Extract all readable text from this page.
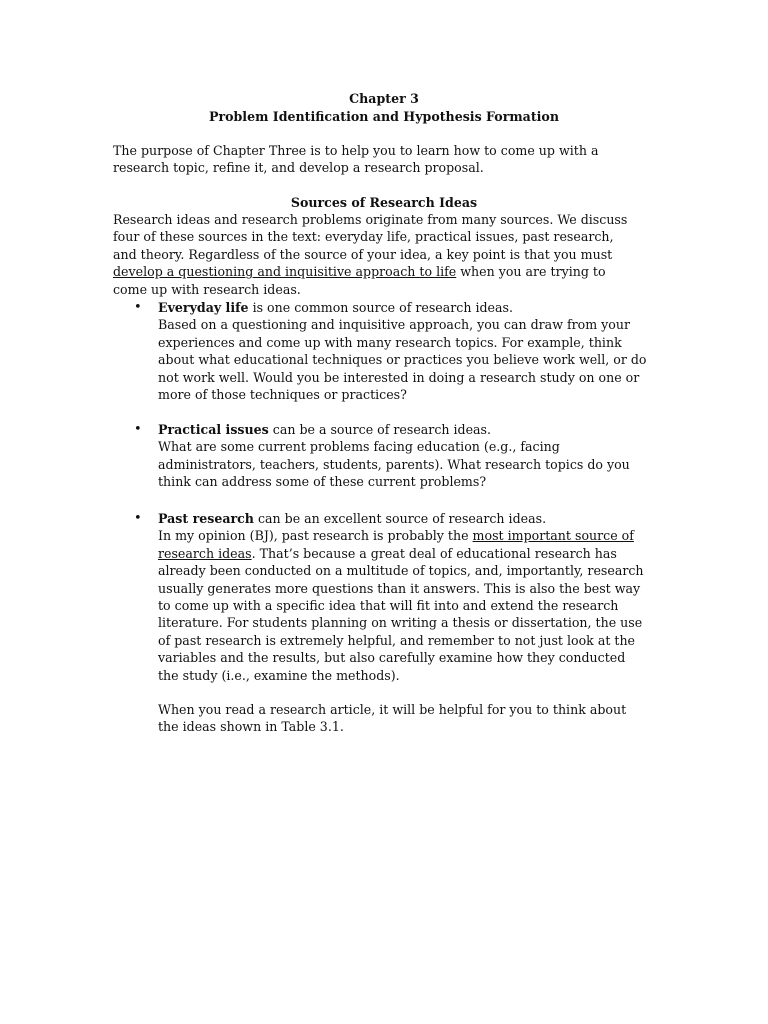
Chapter 3
Problem Identification and Hypothesis Formation
The purpose of Chapter Three is to help you to learn how to come up with a research topic, refine it, and develop a research proposal.
Sources of Research Ideas
Research ideas and research problems originate from many sources. We discuss four of these sources in the text: everyday life, practical issues, past research, and theory. Regardless of the source of your idea, a key point is that you must develop a questioning and inquisitive approach to life when you are trying to come up with research ideas.
• Everyday life is one common source of research ideas.
Based on a questioning and inquisitive approach, you can draw from your experiences and come up with many research topics. For example, think about what educational techniques or practices you believe work well, or do not work well. Would you be interested in doing a research study on one or more of those techniques or practices?
• Practical issues can be a source of research ideas.
What are some current problems facing education (e.g., facing administrators, teachers, students, parents). What research topics do you think can address some of these current problems?
• Past research can be an excellent source of research ideas.
In my opinion (BJ), past research is probably the most important source of research ideas. That’s because a great deal of educational research has already been conducted on a multitude of topics, and, importantly, research usually generates more questions than it answers. This is also the best way to come up with a specific idea that will fit into and extend the research literature. For students planning on writing a thesis or dissertation, the use of past research is extremely helpful, and remember to not just look at the variables and the results, but also carefully examine how they conducted the study (i.e., examine the methods).
When you read a research article, it will be helpful for you to think about the ideas shown in Table 3.1.
